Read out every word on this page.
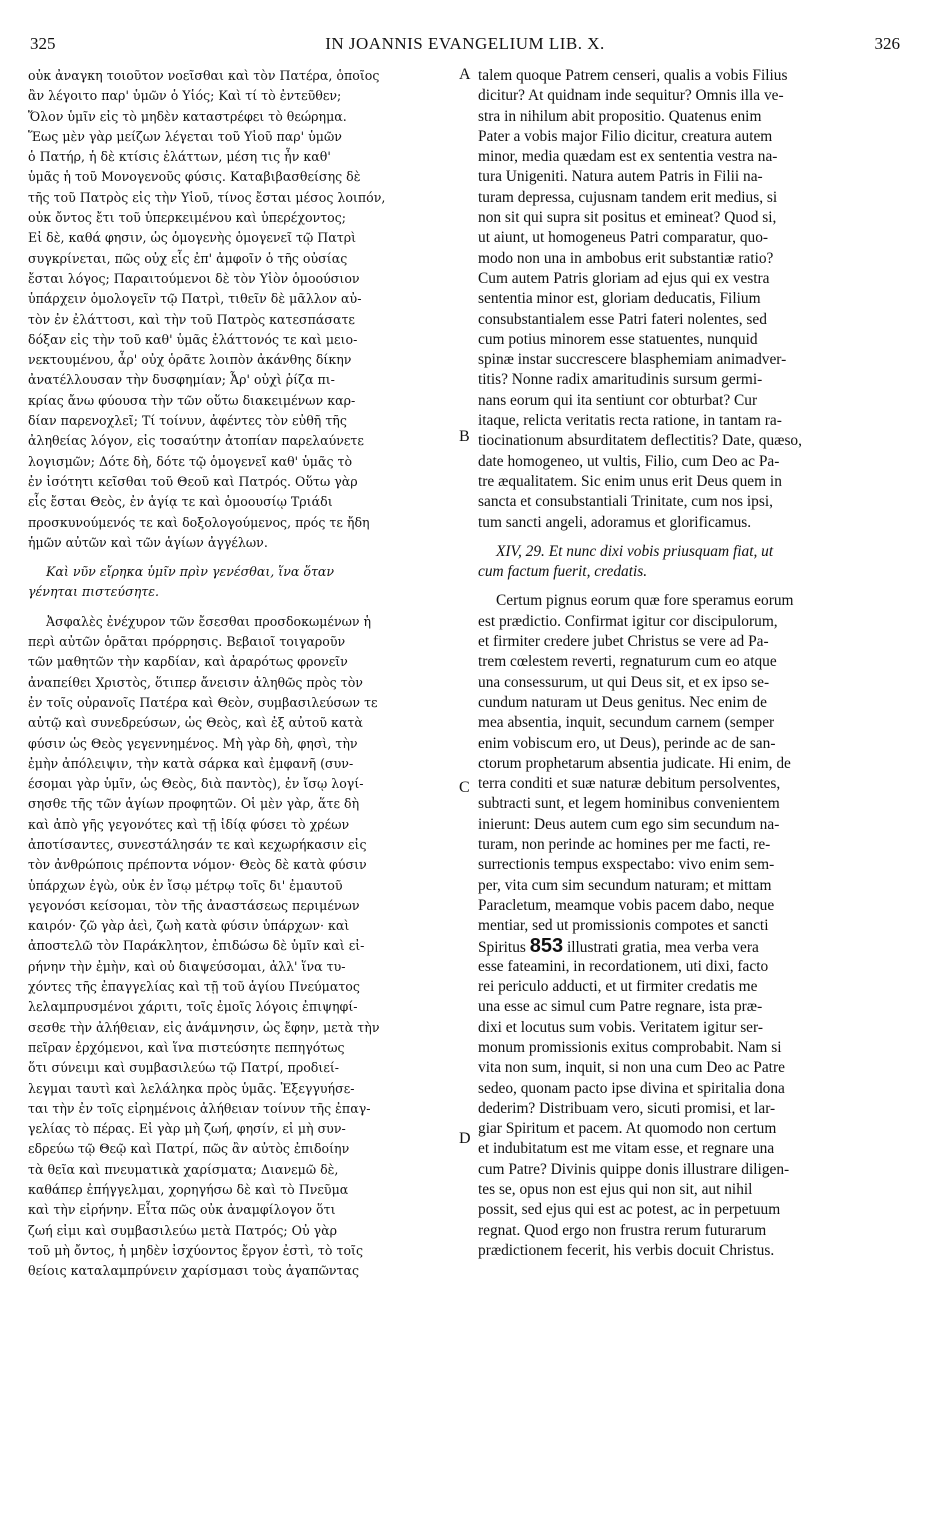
325	IN JOANNIS EVANGELIUM LIB. X.	326
οὐκ ἀναγκη τοιοῦτον νοεῖσθαι καὶ τὸν Πατέρα, ὁποῖος
ἂν λέγοιτο παρ' ὑμῶν ὁ Υἱός; Καὶ τί τὸ ἐντεῦθεν;
Ὅλον ὑμῖν εἰς τὸ μηδὲν καταστρέφει τὸ θεώρημα.
Ἕως μὲν γὰρ μείζων λέγεται τοῦ Υἱοῦ παρ' ὑμῶν
ὁ Πατήρ, ἡ δὲ κτίσις ἐλάττων, μέση τις ἦν καθ'
ὑμᾶς ἡ τοῦ Μονογενοῦς φύσις. Καταβιβασθείσης δὲ
τῆς τοῦ Πατρὸς εἰς τὴν Υἱοῦ, τίνος ἔσται μέσος λοιπόν,
οὐκ ὄντος ἔτι τοῦ ὑπερκειμένου καὶ ὑπερέχοντος;
Εἰ δὲ, καθά φησιν, ὡς ὁμογενὴς ὁμογενεῖ τῷ Πατρὶ
συγκρίνεται, πῶς οὐχ εἷς ἐπ' ἀμφοῖν ὁ τῆς οὐσίας
ἔσται λόγος; Παραιτούμενοι δὲ τὸν Υἱὸν ὁμοούσιον
ὑπάρχειν ὁμολογεῖν τῷ Πατρὶ, τιθεῖν δὲ μᾶλλον αὐ-
τὸν ἐν ἐλάττοσι, καὶ τὴν τοῦ Πατρὸς κατεσπάσατε
δόξαν εἰς τὴν τοῦ καθ' ὑμᾶς ἐλάττονός τε καὶ μειο-
νεκτουμένου, ἆρ' οὐχ ὁρᾶτε λοιπὸν ἀκάνθης δίκην
ἀνατέλλουσαν τὴν δυσφημίαν; Ἆρ' οὐχὶ ῥίζα πι-
κρίας ἄνω φύουσα τὴν τῶν οὕτω διακειμένων καρ-
δίαν παρενοχλεῖ; Τί τοίνυν, ἀφέντες τὸν εὐθῆ τῆς
ἀληθείας λόγον, εἰς τοσαύτην ἀτοπίαν παρελαύνετε
λογισμῶν; Δότε δὴ, δότε τῷ ὁμογενεῖ καθ' ὑμᾶς τὸ
ἐν ἰσότητι κεῖσθαι τοῦ Θεοῦ καὶ Πατρός. Οὕτω γὰρ
εἷς ἔσται Θεὸς, ἐν ἁγίᾳ τε καὶ ὁμοουσίῳ Τριάδι
προσκυνούμενός τε καὶ δοξολογούμενος, πρός τε ἤδη
ἡμῶν αὐτῶν καὶ τῶν ἁγίων ἀγγέλων.
Καὶ νῦν εἴρηκα ὑμῖν πρὶν γενέσθαι, ἵνα ὅταν
γένηται πιστεύσητε.
Ἀσφαλὲς ἐνέχυρον τῶν ἔσεσθαι προσδοκωμένων ἡ
περὶ αὐτῶν ὁρᾶται πρόρρησις. Βεβαιοῖ τοιγαροῦν
τῶν μαθητῶν τὴν καρδίαν, καὶ ἀραρότως φρονεῖν
ἀναπείθει Χριστὸς, ὅτιπερ ἄνεισιν ἀληθῶς πρὸς τὸν
ἐν τοῖς οὐρανοῖς Πατέρα καὶ Θεὸν, συμβασιλεύσων τε
αὐτῷ καὶ συνεδρεύσων, ὡς Θεὸς, καὶ ἐξ αὐτοῦ κατὰ
φύσιν ὡς Θεὸς γεγεννημένος. Μὴ γὰρ δὴ, φησὶ, τὴν
ἐμὴν ἀπόλειψιν, τὴν κατὰ σάρκα καὶ ἐμφανῆ (συν-
έσομαι γὰρ ὑμῖν, ὡς Θεὸς, διὰ παντὸς), ἐν ἴσῳ λογί-
σησθε τῆς τῶν ἁγίων προφητῶν. Οἱ μὲν γὰρ, ἅτε δὴ
καὶ ἀπὸ γῆς γεγονότες καὶ τῇ ἰδίᾳ φύσει τὸ χρέων
ἀποτίσαντες, συνεστάλησάν τε καὶ κεχωρήκασιν εἰς
τὸν ἀνθρώποις πρέποντα νόμον· Θεὸς δὲ κατὰ φύσιν
ὑπάρχων ἐγὼ, οὐκ ἐν ἴσῳ μέτρῳ τοῖς δι' ἐμαυτοῦ
γεγονόσι κείσομαι, τὸν τῆς ἀναστάσεως περιμένων
καιρόν· ζῶ γὰρ ἀεὶ, ζωὴ κατὰ φύσιν ὑπάρχων· καὶ
ἀποστελῶ τὸν Παράκλητον, ἐπιδώσω δὲ ὑμῖν καὶ εἰ-
ρήνην τὴν ἐμὴν, καὶ οὐ διαψεύσομαι, ἀλλ' ἵνα τυ-
χόντες τῆς ἐπαγγελίας καὶ τῇ τοῦ ἁγίου Πνεύματος
λελαμπρυσμένοι χάριτι, τοῖς ἐμοῖς λόγοις ἐπιψηφί-
σεσθε τὴν ἀλήθειαν, εἰς ἀνάμνησιν, ὡς ἔφην, μετὰ τὴν
πεῖραν ἐρχόμενοι, καὶ ἵνα πιστεύσητε πεπηγότως
ὅτι σύνειμι καὶ συμβασιλεύω τῷ Πατρί, προδιεί-
λεγμαι ταυτὶ καὶ λελάληκα πρὸς ὑμᾶς. Ἐξεγγυήσε-
ται τὴν ἐν τοῖς εἰρημένοις ἀλήθειαν τοίνυν τῆς ἐπαγ-
γελίας τὸ πέρας. Εἰ γὰρ μὴ ζωή, φησίν, εἰ μὴ συν-
εδρεύω τῷ Θεῷ καὶ Πατρί, πῶς ἂν αὐτὸς ἐπιδοίην
τὰ θεῖα καὶ πνευματικὰ χαρίσματα; Διανεμῶ δὲ,
καθάπερ ἐπήγγελμαι, χορηγήσω δὲ καὶ τὸ Πνεῦμα
καὶ τὴν εἰρήνην. Εἶτα πῶς οὐκ ἀναμφίλογον ὅτι
ζωή εἰμι καὶ συμβασιλεύω μετὰ Πατρός; Οὐ γὰρ
τοῦ μὴ ὄντος, ἡ μηδὲν ἰσχύοντος ἔργον ἐστὶ, τὸ τοῖς
θείοις καταλαμπρύνειν χαρίσμασι τοὺς ἀγαπῶντας
talem quoque Patrem censeri, qualis a vobis Filius
dicitur? At quidnam inde sequitur? Omnis illa ve-
stra in nihilum abit propositio. Quatenus enim
Pater a vobis major Filio dicitur, creatura autem
minor, media quædam est ex sententia vestra na-
tura Unigeniti. Natura autem Patris in Filii na-
turam depressa, cujusnam tandem erit medius, si
non sit qui supra sit positus et emineat? Quod si,
ut aiunt, ut homogeneus Patri comparatur, quo-
modo non una in ambobus erit substantiæ ratio?
Cum autem Patris gloriam ad ejus qui ex vestra
sententia minor est, gloriam deducatis, Filium
consubstantialem esse Patri fateri nolentes, sed
cum potius minorem esse statuentes, nunquid
spinæ instar succrescere blasphemiam animadver-
titis? Nonne radix amaritudinis sursum germi-
nans eorum qui ita sentiunt cor obturbat? Cur
itaque, relicta veritatis recta ratione, in tantam ra-
tiocinationum absurditatem deflectitis? Date, quæso,
date homogeneo, ut vultis, Filio, cum Deo ac Pa-
tre æqualitatem. Sic enim unus erit Deus quem in
sancta et consubstantiali Trinitate, cum nos ipsi,
tum sancti angeli, adoramus et glorificamus.
XIV, 29. Et nunc dixi vobis priusquam fiat, ut
cum factum fuerit, credatis.
Certum pignus eorum quæ fore speramus eorum
est prædictio. Confirmat igitur cor discipulorum,
et firmiter credere jubet Christus se vere ad Pa-
trem cœlestem reverti, regnaturum cum eo atque
una consessurum, ut qui Deus sit, et ex ipso se-
cundum naturam ut Deus genitus. Nec enim de
mea absentia, inquit, secundum carnem (semper
enim vobiscum ero, ut Deus), perinde ac de san-
ctorum prophetarum absentia judicate. Hi enim, de
terra conditi et suæ naturæ debitum persolventes,
subtracti sunt, et legem hominibus convenientem
inierunt: Deus autem cum ego sim secundum na-
turam, non perinde ac homines per me facti, re-
surrectionis tempus exspectabo: vivo enim sem-
per, vita cum sim secundum naturam; et mittam
Paracletum, meamque vobis pacem dabo, neque
mentiar, sed ut promissionis compotes et sancti
Spiritus 853 illustrati gratia, mea verba vera
esse fateamini, in recordationem, uti dixi, facto
rei periculo adducti, et ut firmiter credatis me
una esse ac simul cum Patre regnare, ista præ-
dixi et locutus sum vobis. Veritatem igitur ser-
monum promissionis exitus comprobabit. Nam si
vita non sum, inquit, si non una cum Deo ac Patre
sedeo, quonam pacto ipse divina et spiritalia dona
dederim? Distribuam vero, sicuti promisi, et lar-
giar Spiritum et pacem. At quomodo non certum
et indubitatum est me vitam esse, et regnare una
cum Patre? Divinis quippe donis illustrare diligen-
tes se, opus non est ejus qui non sit, aut nihil
possit, sed ejus qui est ac potest, ac in perpetuum
regnat. Quod ergo non frustra rerum futurarum
prædictionem fecerit, his verbis docuit Christus.
A
B
C
D
